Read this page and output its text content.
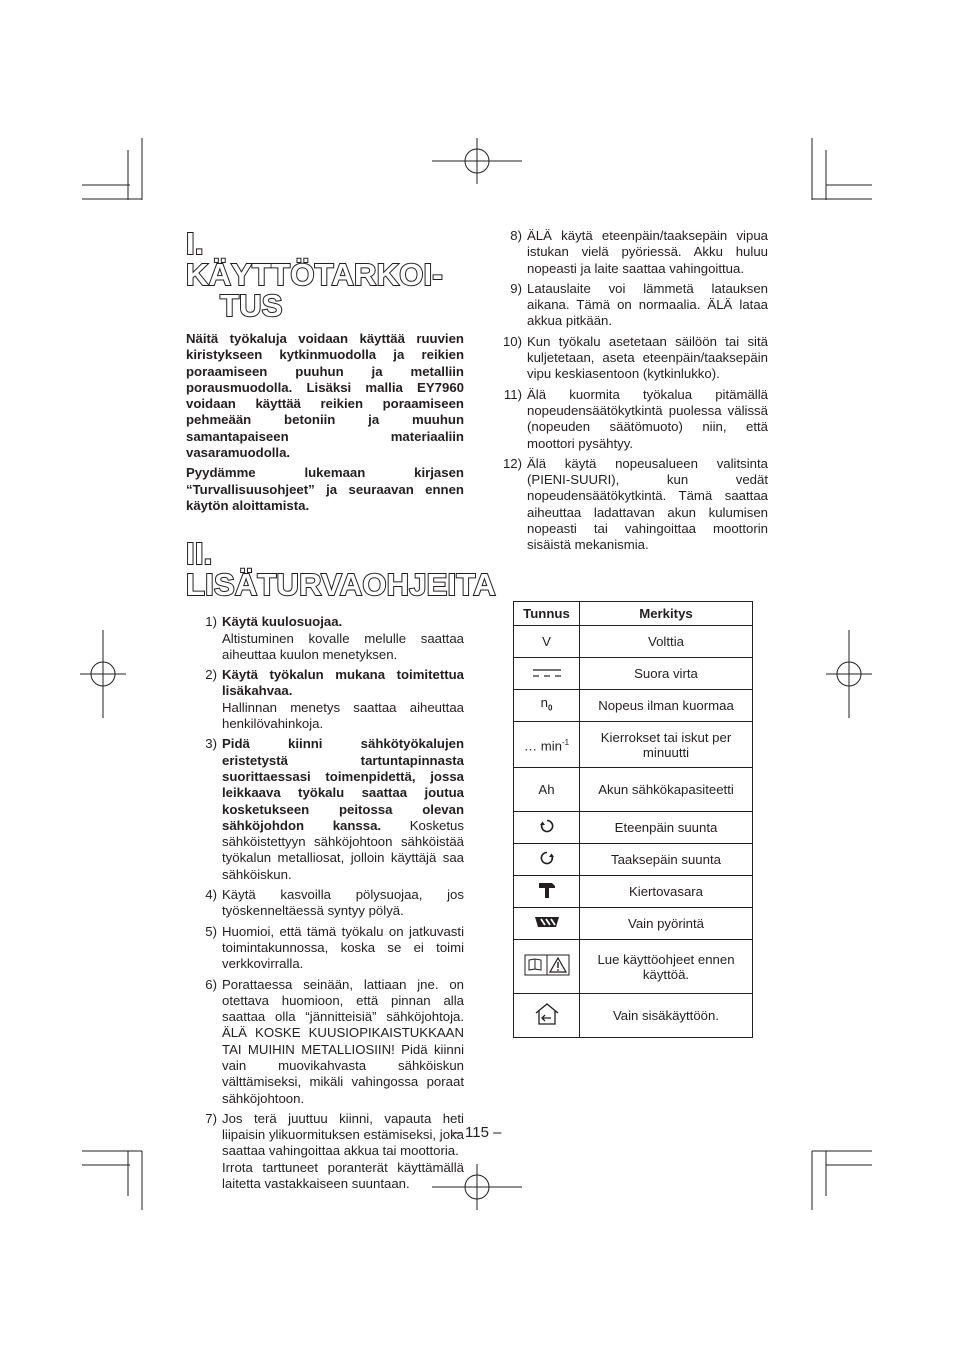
I. KÄYTTÖTARKOI-
TUS

Näitä työkaluja voidaan käyttää ruuvien kiristykseen kytkinmuodolla ja reikien poraamiseen puuhun ja metalliin porausmuodolla. Lisäksi mallia EY7960 voidaan käyttää reikien poraamiseen pehmeään betoniin ja muuhun samantapaiseen materiaaliin vasaramuodolla.

Pyydämme lukemaan kirjasen “Turvallisuusohjeet” ja seuraavan ennen käytön aloittamista.

II. LISÄTURVAOHJEITA
1) Käytä kuulosuojaa.
Altistuminen kovalle melulle saattaa aiheuttaa kuulon menetyksen.
2) Käytä työkalun mukana toimitettua lisäkahvaa.
Hallinnan menetys saattaa aiheuttaa henkilövahinkoja.
3) Pidä kiinni sähkötyökalujen eristetystä tartuntapinnasta suorittaessasi toimenpidettä, jossa leikkaava työkalu saattaa joutua kosketukseen peitossa olevan sähköjohdon kanssa. Kosketus sähköistettyyn sähköjohtoon sähköistää työkalun metalliosat, jolloin käyttäjä saa sähköiskun.
4) Käytä kasvoilla pölysuojaa, jos työskenneltäessä syntyy pölyä.
5) Huomioi, että tämä työkalu on jatkuvasti toimintakunnossa, koska se ei toimi verkkovirralla.
6) Porattaessa seinään, lattiaan jne. on otettava huomioon, että pinnan alla saattaa olla “jännitteisiä” sähköjohtoja. ÄLÄ KOSKE KUUSIOPIKAISTUKKAAN TAI MUIHIN METALLIOSIIN! Pidä kiinni vain muovikahvasta sähköiskun välttämiseksi, mikäli vahingossa poraat sähköjohtoon.
7) Jos terä juuttuu kiinni, vapauta heti liipaisin ylikuormituksen estämiseksi, joka saattaa vahingoittaa akkua tai moottoria.
Irrota tarttuneet poranterät käyttämällä laitetta vastakkaiseen suuntaan.
8) ÄLÄ käytä eteenpäin/taaksepäin vipua istukan vielä pyöriessä. Akku huluu nopeasti ja laite saattaa vahingoittua.
9) Latauslaite voi lämmetä latauksen aikana. Tämä on normaalia. ÄLÄ lataa akkua pitkään.
10) Kun työkalu asetetaan säilöön tai sitä kuljetetaan, aseta eteenpäin/taaksepäin vipu keskiasentoon (kytkinlukko).
11) Älä kuormita työkalua pitämällä nopeudensäätökytkintä puolessa välissä (nopeuden säätömuoto) niin, että moottori pysähtyy.
12) Älä käytä nopeusalueen valitsinta (PIENI-SUURI), kun vedät nopeudensäätökytkintä. Tämä saattaa aiheuttaa ladattavan akun kulumisen nopeasti tai vahingoittaa moottorin sisäistä mekanismia.
Tunnus	Merkitys
V	Volttia
	Suora virta
$n_0$	Nopeus ilman kuormaa
… $\min^{-1}$	Kierrokset tai iskut per minuutti
Ah	Akun sähkökapasiteetti
	Eteenpäin suunta
	Taaksepäin suunta
	Kiertovasara
	Vain pyörintä
	Lue käyttöohjeet ennen käyttöä.
	Vain sisäkäyttöön.
– 115 –
